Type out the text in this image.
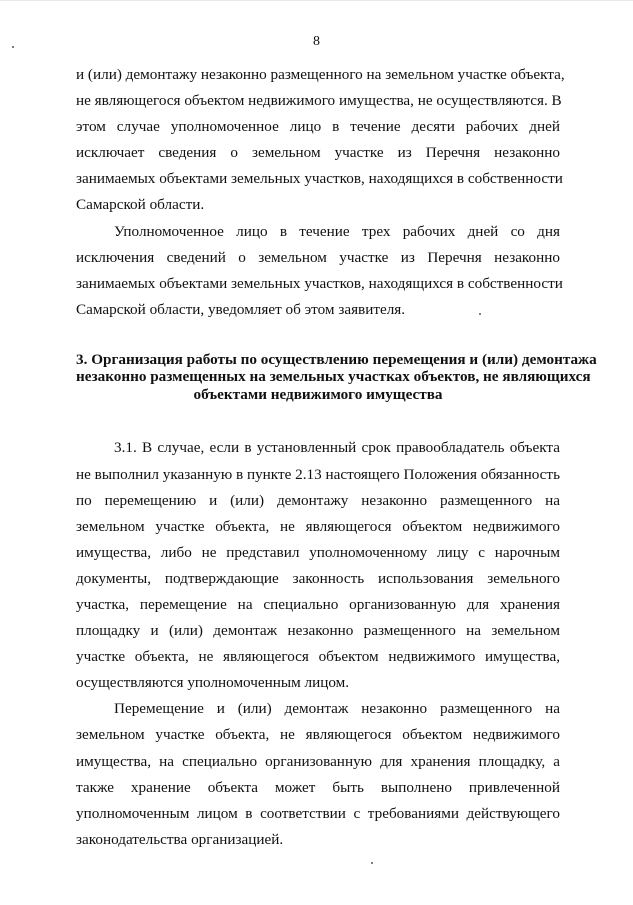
8

и (или) демонтажу незаконно размещенного на земельном участке объекта,
не являющегося объектом недвижимого имущества, не осуществляются. В
этом случае уполномоченное лицо в течение десяти рабочих дней
исключает сведения о земельном участке из Перечня незаконно
занимаемых объектами земельных участков, находящихся в собственности
Самарской области.

Уполномоченное лицо в течение трех рабочих дней со дня
исключения сведений о земельном участке из Перечня незаконно
занимаемых объектами земельных участков, находящихся в собственности
Самарской области, уведомляет об этом заявителя.

3. Организация работы по осуществлению перемещения и (или) демонтажа
незаконно размещенных на земельных участках объектов, не являющихся
объектами недвижимого имущества

3.1. В случае, если в установленный срок правообладатель объекта
не выполнил указанную в пункте 2.13 настоящего Положения обязанность
по перемещению и (или) демонтажу незаконно размещенного на
земельном участке объекта, не являющегося объектом недвижимого
имущества, либо не представил уполномоченному лицу с нарочным
документы, подтверждающие законность использования земельного
участка, перемещение на специально организованную для хранения
площадку и (или) демонтаж незаконно размещенного на земельном
участке объекта, не являющегося объектом недвижимого имущества,
осуществляются уполномоченным лицом.

Перемещение и (или) демонтаж незаконно размещенного на
земельном участке объекта, не являющегося объектом недвижимого
имущества, на специально организованную для хранения площадку, а
также хранение объекта может быть выполнено привлеченной
уполномоченным лицом в соответствии с требованиями действующего
законодательства организацией.
